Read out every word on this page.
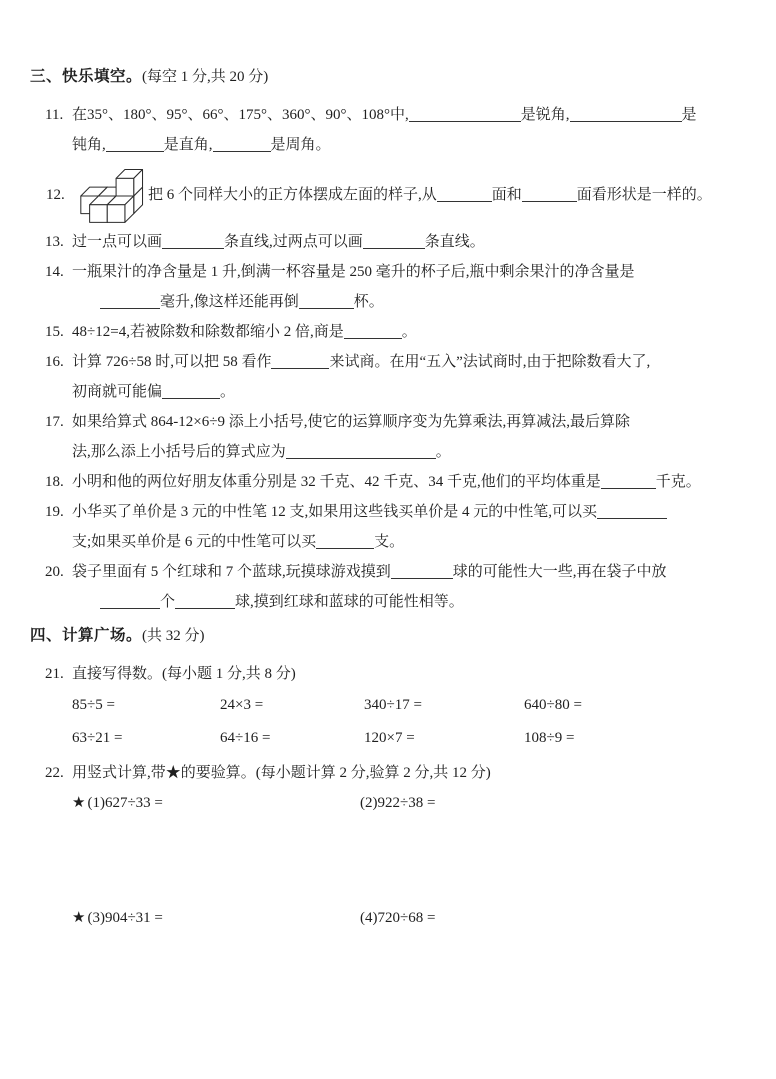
三、快乐填空。(每空 1 分,共 20 分)
11. 在35°、180°、95°、66°、175°、360°、90°、108°中,	是锐角,	是
钝角,	是直角,	是周角。
12.	把 6 个同样大小的正方体摆成左面的样子,从	面和	面看形状是一样的。
13. 过一点可以画	条直线,过两点可以画	条直线。
14. 一瓶果汁的净含量是 1 升,倒满一杯容量是 250 毫升的杯子后,瓶中剩余果汁的净含量是
毫升,像这样还能再倒	杯。
15. 48÷12=4,若被除数和除数都缩小 2 倍,商是	。
16. 计算 726÷58 时,可以把 58 看作	来试商。在用“五入”法试商时,由于把除数看大了,
初商就可能偏	。
17. 如果给算式 864-12×6÷9 添上小括号,使它的运算顺序变为先算乘法,再算减法,最后算除
法,那么添上小括号后的算式应为	。
18. 小明和他的两位好朋友体重分别是 32 千克、42 千克、34 千克,他们的平均体重是	千克。
19. 小华买了单价是 3 元的中性笔 12 支,如果用这些钱买单价是 4 元的中性笔,可以买
支;如果买单价是 6 元的中性笔可以买	支。
20. 袋子里面有 5 个红球和 7 个蓝球,玩摸球游戏摸到	球的可能性大一些,再在袋子中放
个	球,摸到红球和蓝球的可能性相等。
四、计算广场。(共 32 分)
21. 直接写得数。(每小题 1 分,共 8 分)
85÷5 =	24×3 =	340÷17 =	640÷80 =
63÷21 =	64÷16 =	120×7 =	108÷9 =
22. 用竖式计算,带★的要验算。(每小题计算 2 分,验算 2 分,共 12 分)
★(1)627÷33 =	(2)922÷38 =
★(3)904÷31 =	(4)720÷68 =
